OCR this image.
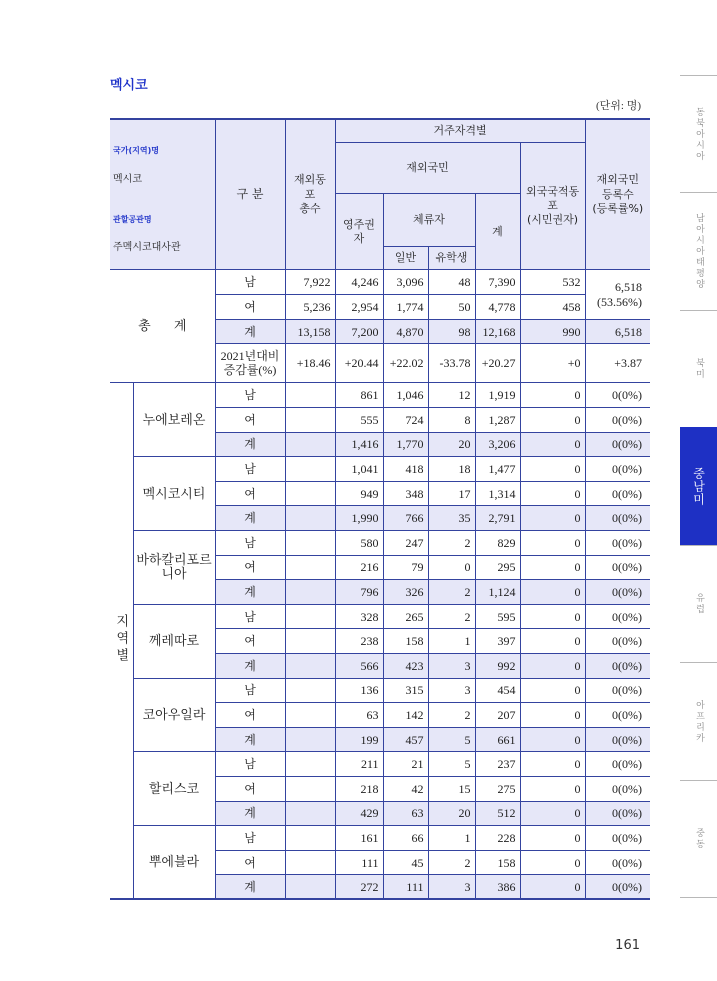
멕시코
(단위: 명)

국가(지역)명

멕시코

관할공관명

주멕시코대사관		구 분	재외동포
총수	거주자격별					재외국민
등록수
(등록률%)
				재외국민				외국국적동포
(시민권자)	
				영주권자	체류자		계		
					일반	유학생			
총 계		남	7,922	4,246	3,096	48	7,390	532	6,518
(53.56%)

		여	5,236	2,954	1,774	50	4,778	458	
		계	13,158	7,200	4,870	98	12,168	990	6,518
		2021년대비
증감률(%)	+18.46	+20.44	+22.02	-33.78	+20.27	+0	+3.87
지역별	누에보레온	남		861	1,046	12	1,919	0	0(0%)
		여		555	724	8	1,287	0	0(0%)
		계		1,416	1,770	20	3,206	0	0(0%)
	멕시코시티	남		1,041	418	18	1,477	0	0(0%)
		여		949	348	17	1,314	0	0(0%)
		계		1,990	766	35	2,791	0	0(0%)
	바하칼리포르니아	남		580	247	2	829	0	0(0%)
		여		216	79	0	295	0	0(0%)
		계		796	326	2	1,124	0	0(0%)
	께레따로	남		328	265	2	595	0	0(0%)
		여		238	158	1	397	0	0(0%)
		계		566	423	3	992	0	0(0%)
	코아우일라	남		136	315	3	454	0	0(0%)
		여		63	142	2	207	0	0(0%)
		계		199	457	5	661	0	0(0%)
	할리스코	남		211	21	5	237	0	0(0%)
		여		218	42	15	275	0	0(0%)
		계		429	63	20	512	0	0(0%)
	뿌에블라	남		161	66	1	228	0	0(0%)
		여		111	45	2	158	0	0(0%)
		계		272	111	3	386	0	0(0%)
동북아시아
남아시아태평양
북미
중남미
유럽
아프리카
중동
161
